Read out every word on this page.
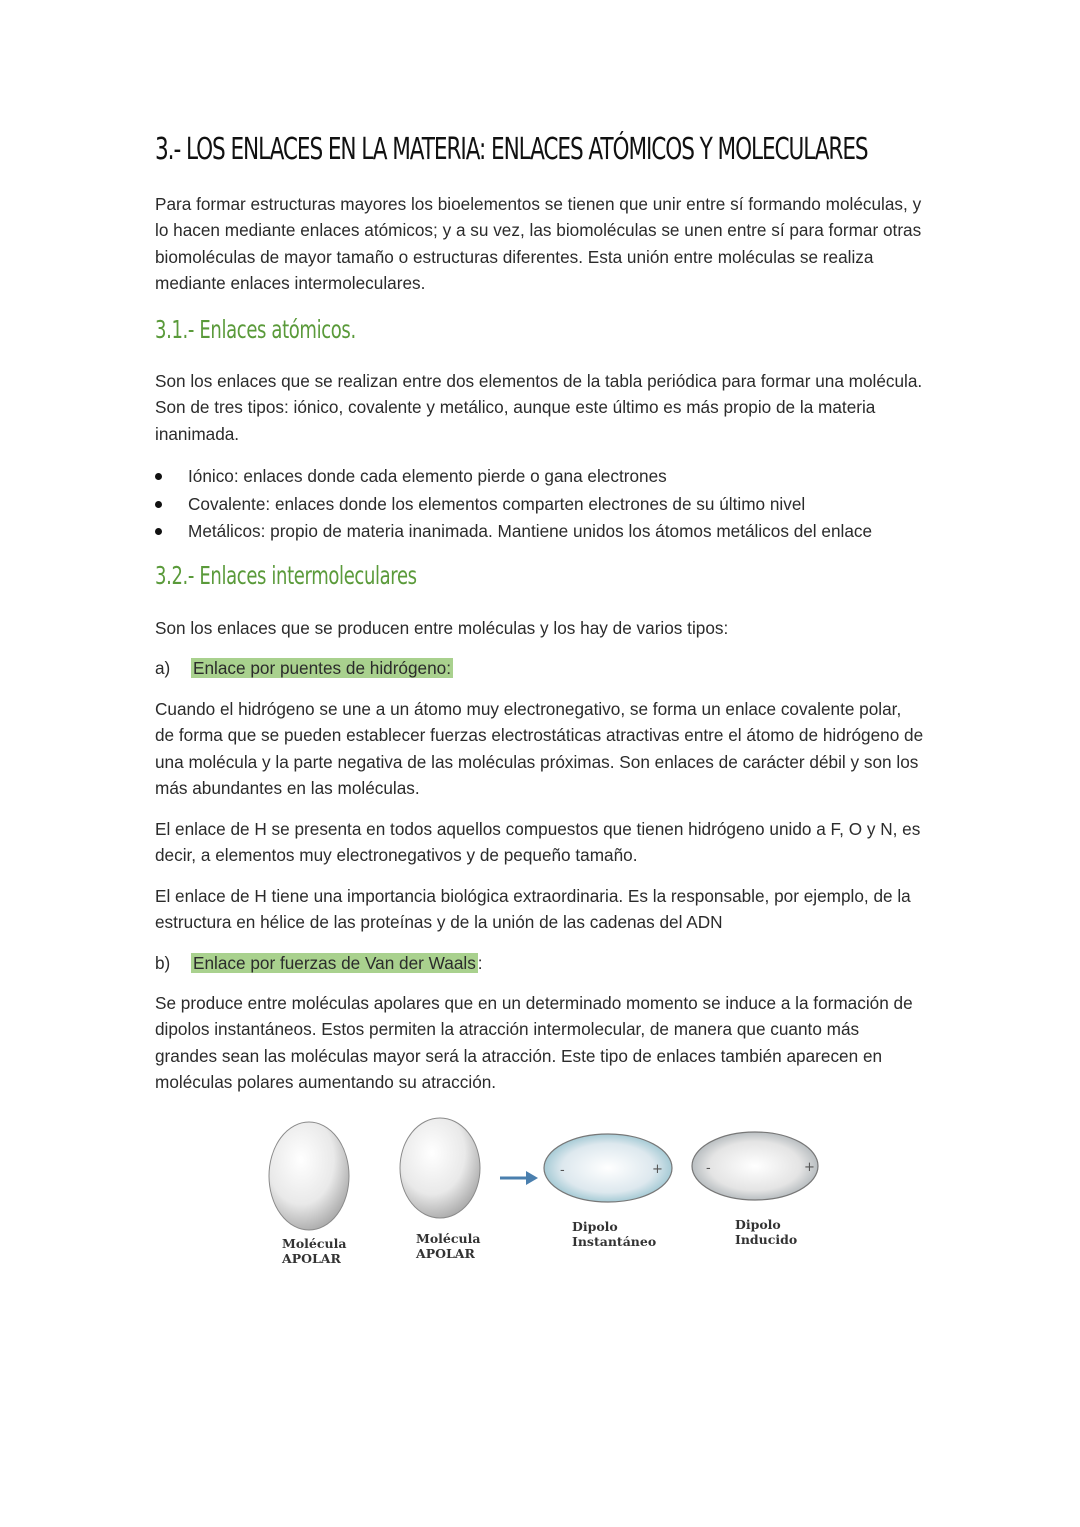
3.- LOS ENLACES EN LA MATERIA: ENLACES ATÓMICOS Y MOLECULARES

Para formar estructuras mayores los bioelementos se tienen que unir entre sí formando moléculas, y lo hacen mediante enlaces atómicos; y a su vez, las biomoléculas se unen entre sí para formar otras biomoléculas de mayor tamaño o estructuras diferentes. Esta unión entre moléculas se realiza mediante enlaces intermoleculares.

3.1.- Enlaces atómicos.

Son los enlaces que se realizan entre dos elementos de la tabla periódica para formar una molécula. Son de tres tipos: iónico, covalente y metálico, aunque este último es más propio de la materia inanimada.

Iónico: enlaces donde cada elemento pierde o gana electrones
Covalente: enlaces donde los elementos comparten electrones de su último nivel
Metálicos: propio de materia inanimada. Mantiene unidos los átomos metálicos del enlace
3.2.- Enlaces intermoleculares

Son los enlaces que se producen entre moléculas y los hay de varios tipos:

a) Enlace por puentes de hidrógeno:

Cuando el hidrógeno se une a un átomo muy electronegativo, se forma un enlace covalente polar, de forma que se pueden establecer fuerzas electrostáticas atractivas entre el átomo de hidrógeno de una molécula y la parte negativa de las moléculas próximas. Son enlaces de carácter débil y son los más abundantes en las moléculas.

El enlace de H se presenta en todos aquellos compuestos que tienen hidrógeno unido a F, O y N, es decir, a elementos muy electronegativos y de pequeño tamaño.

El enlace de H tiene una importancia biológica extraordinaria. Es la responsable, por ejemplo, de la estructura en hélice de las proteínas y de la unión de las cadenas del ADN

b) Enlace por fuerzas de Van der Waals :

Se produce entre moléculas apolares que en un determinado momento se induce a la formación de dipolos instantáneos. Estos permiten la atracción intermolecular, de manera que cuanto más grandes sean las moléculas mayor será la atracción. Este tipo de enlaces también aparecen en moléculas polares aumentando su atracción.

-	+	-	+
Molécula
APOLAR
Molécula
APOLAR
Dipolo
Instantáneo
Dipolo
Inducido
